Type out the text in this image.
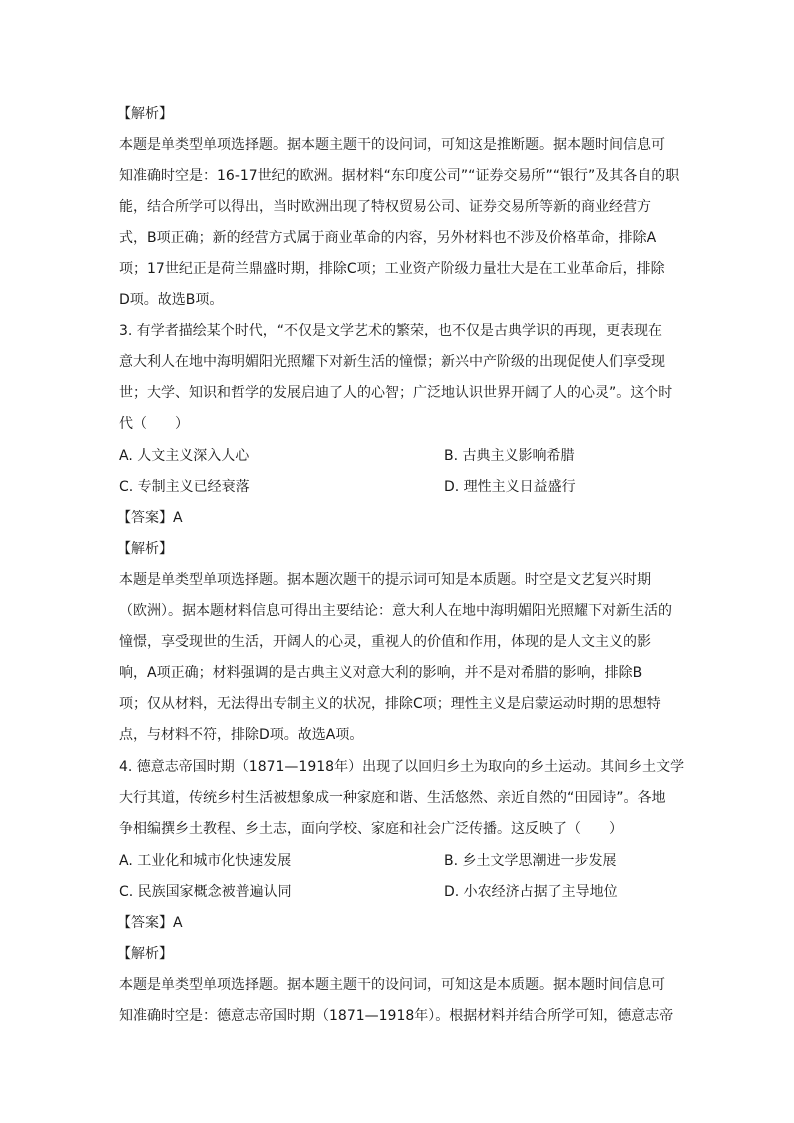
【解析】
本题是单类型单项选择题。据本题主题干的设问词，可知这是推断题。据本题时间信息可
知准确时空是：16-17世纪的欧洲。据材料“东印度公司”“证券交易所”“银行”及其各自的职
能，结合所学可以得出，当时欧洲出现了特权贸易公司、证券交易所等新的商业经营方
式，B项正确；新的经营方式属于商业革命的内容，另外材料也不涉及价格革命，排除A
项；17世纪正是荷兰鼎盛时期，排除C项；工业资产阶级力量壮大是在工业革命后，排除
D项。故选B项。
3. 有学者描绘某个时代，“不仅是文学艺术的繁荣，也不仅是古典学识的再现，更表现在
意大利人在地中海明媚阳光照耀下对新生活的憧憬；新兴中产阶级的出现促使人们享受现
世；大学、知识和哲学的发展启迪了人的心智；广泛地认识世界开阔了人的心灵”。这个时
代（　　）
A. 人文主义深入人心	B. 古典主义影响希腊
C. 专制主义已经衰落	D. 理性主义日益盛行
【答案】A
【解析】
本题是单类型单项选择题。据本题次题干的提示词可知是本质题。时空是文艺复兴时期
（欧洲）。据本题材料信息可得出主要结论：意大利人在地中海明媚阳光照耀下对新生活的
憧憬，享受现世的生活，开阔人的心灵，重视人的价值和作用，体现的是人文主义的影
响，A项正确；材料强调的是古典主义对意大利的影响，并不是对希腊的影响，排除B
项；仅从材料，无法得出专制主义的状况，排除C项；理性主义是启蒙运动时期的思想特
点，与材料不符，排除D项。故选A项。
4. 德意志帝国时期（1871—1918年）出现了以回归乡土为取向的乡土运动。其间乡土文学
大行其道，传统乡村生活被想象成一种家庭和谐、生活悠然、亲近自然的“田园诗”。各地
争相编撰乡土教程、乡土志，面向学校、家庭和社会广泛传播。这反映了（　　）
A. 工业化和城市化快速发展	B. 乡土文学思潮进一步发展
C. 民族国家概念被普遍认同	D. 小农经济占据了主导地位
【答案】A
【解析】
本题是单类型单项选择题。据本题主题干的设问词，可知这是本质题。据本题时间信息可
知准确时空是：德意志帝国时期（1871—1918年）。根据材料并结合所学可知，德意志帝
